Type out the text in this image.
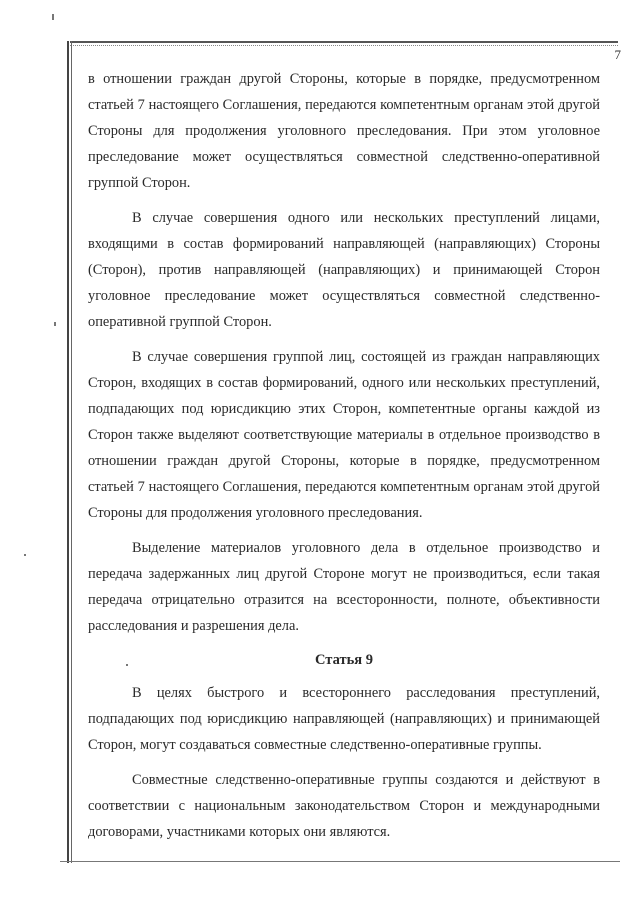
7

в отношении граждан другой Стороны, которые в порядке, предусмотренном статьей 7 настоящего Соглашения, передаются компетентным органам этой другой Стороны для продолжения уголовного преследования. При этом уголовное преследование может осуществляться совместной следственно-оперативной группой Сторон.

В случае совершения одного или нескольких преступлений лицами, входящими в состав формирований направляющей (направляющих) Стороны (Сторон), против направляющей (направляющих) и принимающей Сторон уголовное преследование может осуществляться совместной следственно-оперативной группой Сторон.

В случае совершения группой лиц, состоящей из граждан направляющих Сторон, входящих в состав формирований, одного или нескольких преступлений, подпадающих под юрисдикцию этих Сторон, компетентные органы каждой из Сторон также выделяют соответствующие материалы в отдельное производство в отношении граждан другой Стороны, которые в порядке, предусмотренном статьей 7 настоящего Соглашения, передаются компетентным органам этой другой Стороны для продолжения уголовного преследования.

Выделение материалов уголовного дела в отдельное производство и передача задержанных лиц другой Стороне могут не производиться, если такая передача отрицательно отразится на всесторонности, полноте, объективности расследования и разрешения дела.

Статья 9

В целях быстрого и всестороннего расследования преступлений, подпадающих под юрисдикцию направляющей (направляющих) и принимающей Сторон, могут создаваться совместные следственно-оперативные группы.

Совместные следственно-оперативные группы создаются и действуют в соответствии с национальным законодательством Сторон и международными договорами, участниками которых они являются.
